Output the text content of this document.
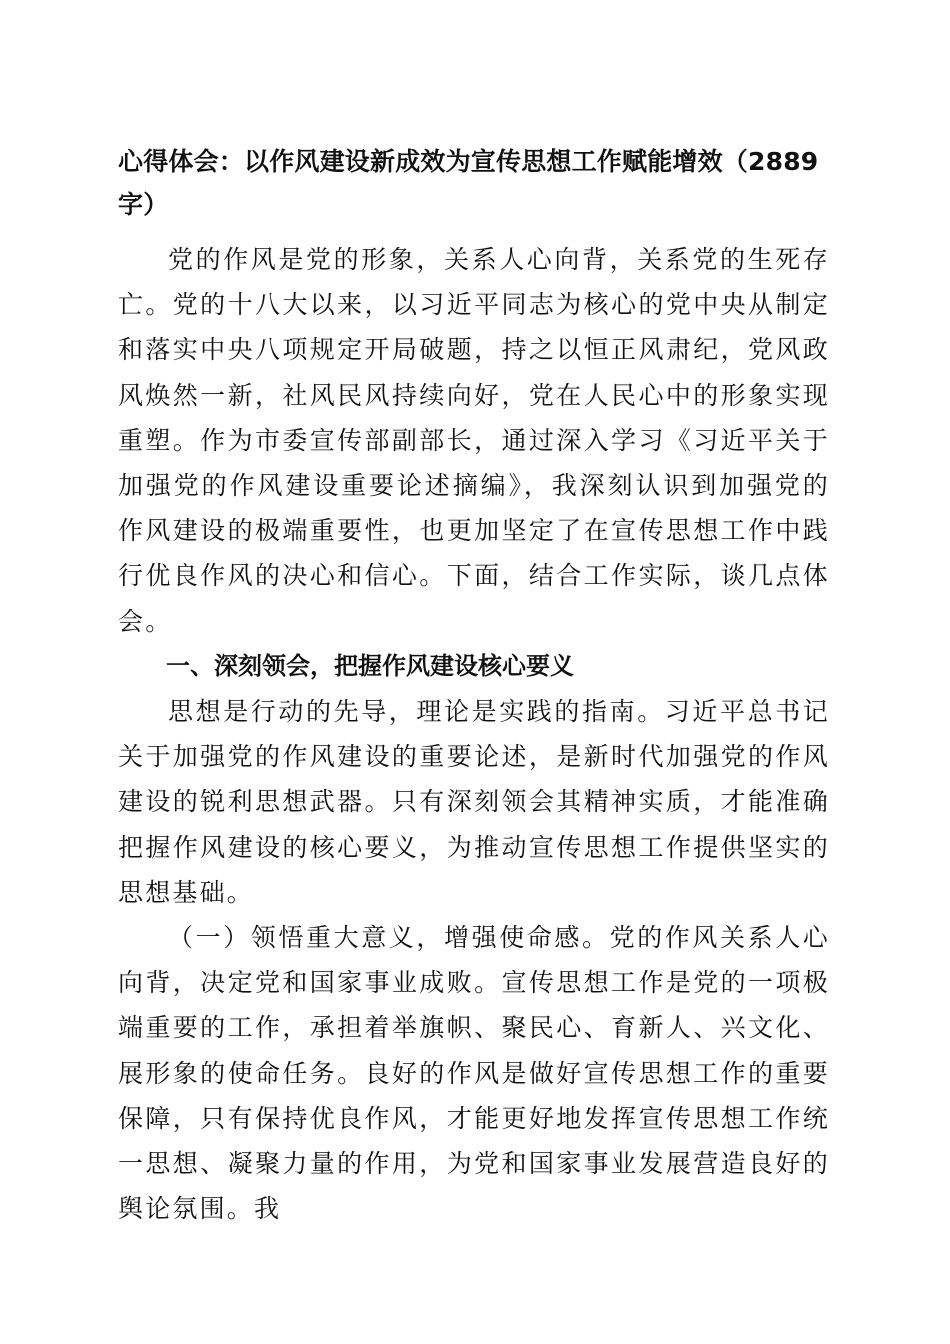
心得体会：以作风建设新成效为宣传思想工作赋能增效（2889字）

党的作风是党的形象，关系人心向背，关系党的生死存亡。党的十八大以来，以习近平同志为核心的党中央从制定和落实中央八项规定开局破题，持之以恒正风肃纪，党风政风焕然一新，社风民风持续向好，党在人民心中的形象实现重塑。作为市委宣传部副部长，通过深入学习《习近平关于加强党的作风建设重要论述摘编》，我深刻认识到加强党的作风建设的极端重要性，也更加坚定了在宣传思想工作中践行优良作风的决心和信心。下面，结合工作实际，谈几点体会。

一、深刻领会，把握作风建设核心要义

思想是行动的先导，理论是实践的指南。习近平总书记关于加强党的作风建设的重要论述，是新时代加强党的作风建设的锐利思想武器。只有深刻领会其精神实质，才能准确把握作风建设的核心要义，为推动宣传思想工作提供坚实的思想基础。

（一）领悟重大意义，增强使命感。党的作风关系人心向背，决定党和国家事业成败。宣传思想工作是党的一项极端重要的工作，承担着举旗帜、聚民心、育新人、兴文化、展形象的使命任务。良好的作风是做好宣传思想工作的重要保障，只有保持优良作风，才能更好地发挥宣传思想工作统一思想、凝聚力量的作用，为党和国家事业发展营造良好的舆论氛围。我
